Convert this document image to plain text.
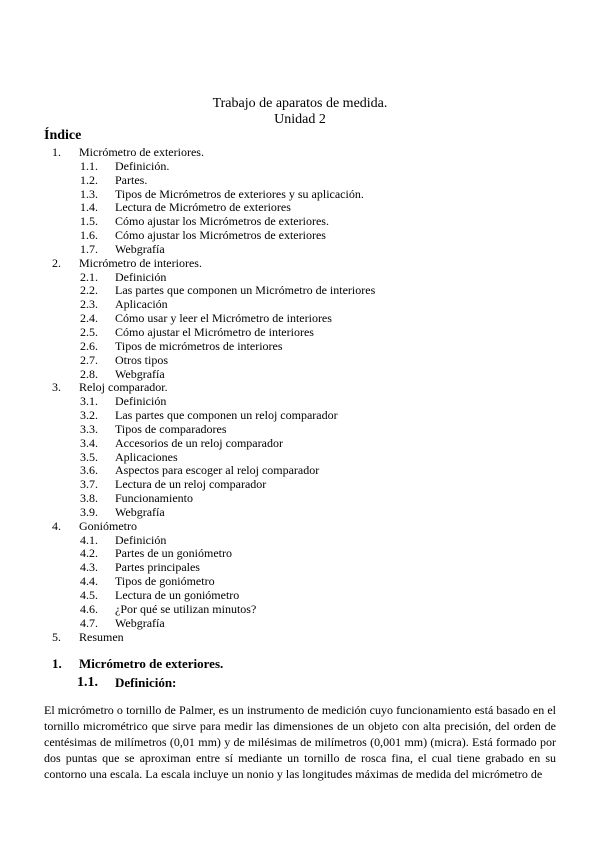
Trabajo de aparatos de medida.
Unidad 2
Índice
1. Micrómetro de exteriores.
1.1. Definición.
1.2. Partes.
1.3. Tipos de Micrómetros de exteriores y su aplicación.
1.4. Lectura de Micrómetro de exteriores
1.5. Cómo ajustar los Micrómetros de exteriores.
1.6. Cómo ajustar los Micrómetros de exteriores
1.7. Webgrafía
2. Micrómetro de interiores.
2.1. Definición
2.2. Las partes que componen un Micrómetro de interiores
2.3. Aplicación
2.4. Cómo usar y leer el Micrómetro de interiores
2.5. Cómo ajustar el Micrómetro de interiores
2.6. Tipos de micrómetros de interiores
2.7. Otros tipos
2.8. Webgrafía
3. Reloj comparador.
3.1. Definición
3.2. Las partes que componen un reloj comparador
3.3. Tipos de comparadores
3.4. Accesorios de un reloj comparador
3.5. Aplicaciones
3.6. Aspectos para escoger al reloj comparador
3.7. Lectura de un reloj comparador
3.8. Funcionamiento
3.9. Webgrafía
4. Goniómetro
4.1. Definición
4.2. Partes de un goniómetro
4.3. Partes principales
4.4. Tipos de goniómetro
4.5. Lectura de un goniómetro
4.6. ¿Por qué se utilizan minutos?
4.7. Webgrafía
5. Resumen
1. Micrómetro de exteriores.
1.1. Definición:
El micrómetro o tornillo de Palmer, es un instrumento de medición cuyo funcionamiento está basado en el tornillo micrométrico que sirve para medir las dimensiones de un objeto con alta precisión, del orden de centésimas de milímetros (0,01 mm) y de milésimas de milímetros (0,001 mm) (micra). Está formado por dos puntas que se aproximan entre sí mediante un tornillo de rosca fina, el cual tiene grabado en su contorno una escala. La escala incluye un nonio y las longitudes máximas de medida del micrómetro de
